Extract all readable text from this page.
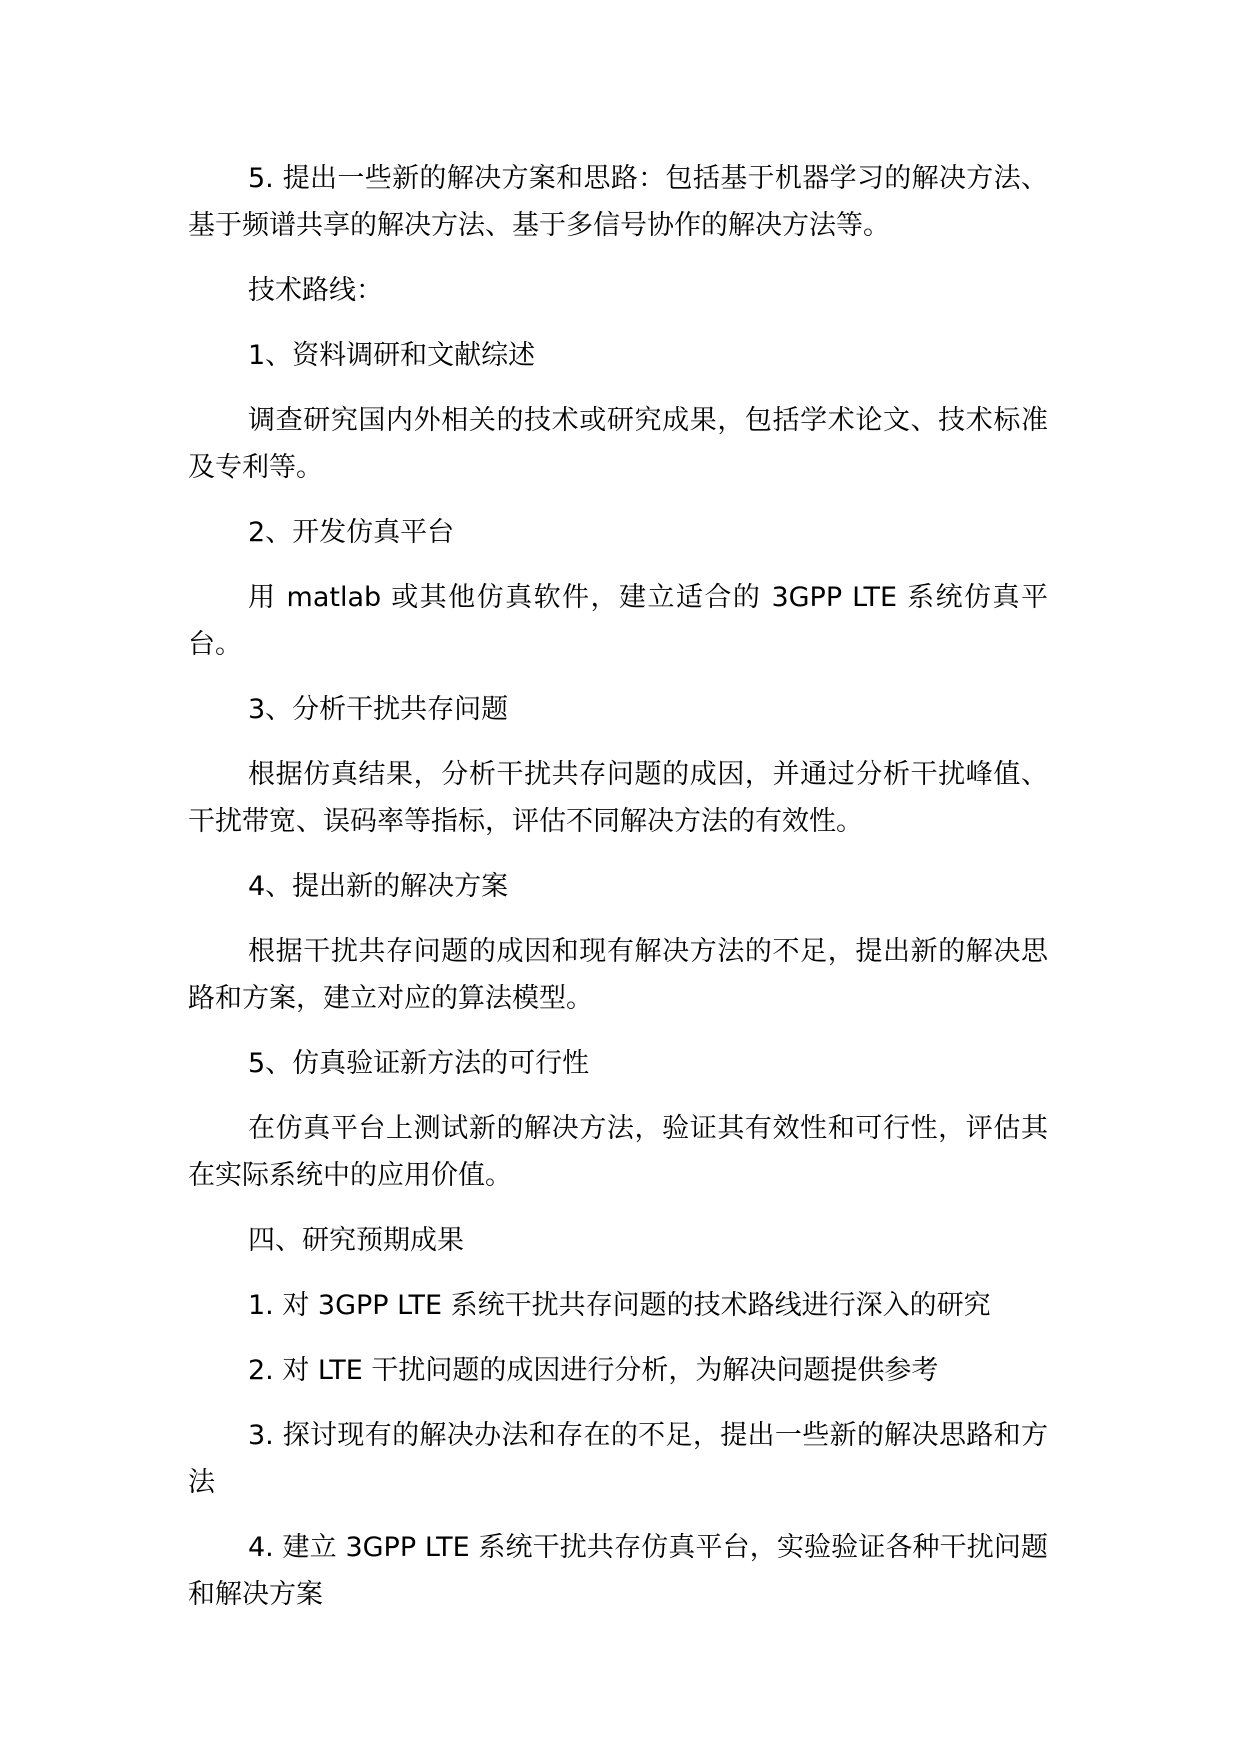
5. 提出一些新的解决方案和思路：包括基于机器学习的解决方法、基于频谱共享的解决方法、基于多信号协作的解决方法等。

技术路线：

1、资料调研和文献综述

调查研究国内外相关的技术或研究成果，包括学术论文、技术标准及专利等。

2、开发仿真平台

用 matlab 或其他仿真软件，建立适合的 3GPP LTE 系统仿真平台。

3、分析干扰共存问题

根据仿真结果，分析干扰共存问题的成因，并通过分析干扰峰值、干扰带宽、误码率等指标，评估不同解决方法的有效性。

4、提出新的解决方案

根据干扰共存问题的成因和现有解决方法的不足，提出新的解决思路和方案，建立对应的算法模型。

5、仿真验证新方法的可行性

在仿真平台上测试新的解决方法，验证其有效性和可行性，评估其在实际系统中的应用价值。

四、研究预期成果

1. 对 3GPP LTE 系统干扰共存问题的技术路线进行深入的研究

2. 对 LTE 干扰问题的成因进行分析，为解决问题提供参考

3. 探讨现有的解决办法和存在的不足，提出一些新的解决思路和方法

4. 建立 3GPP LTE 系统干扰共存仿真平台，实验验证各种干扰问题和解决方案
